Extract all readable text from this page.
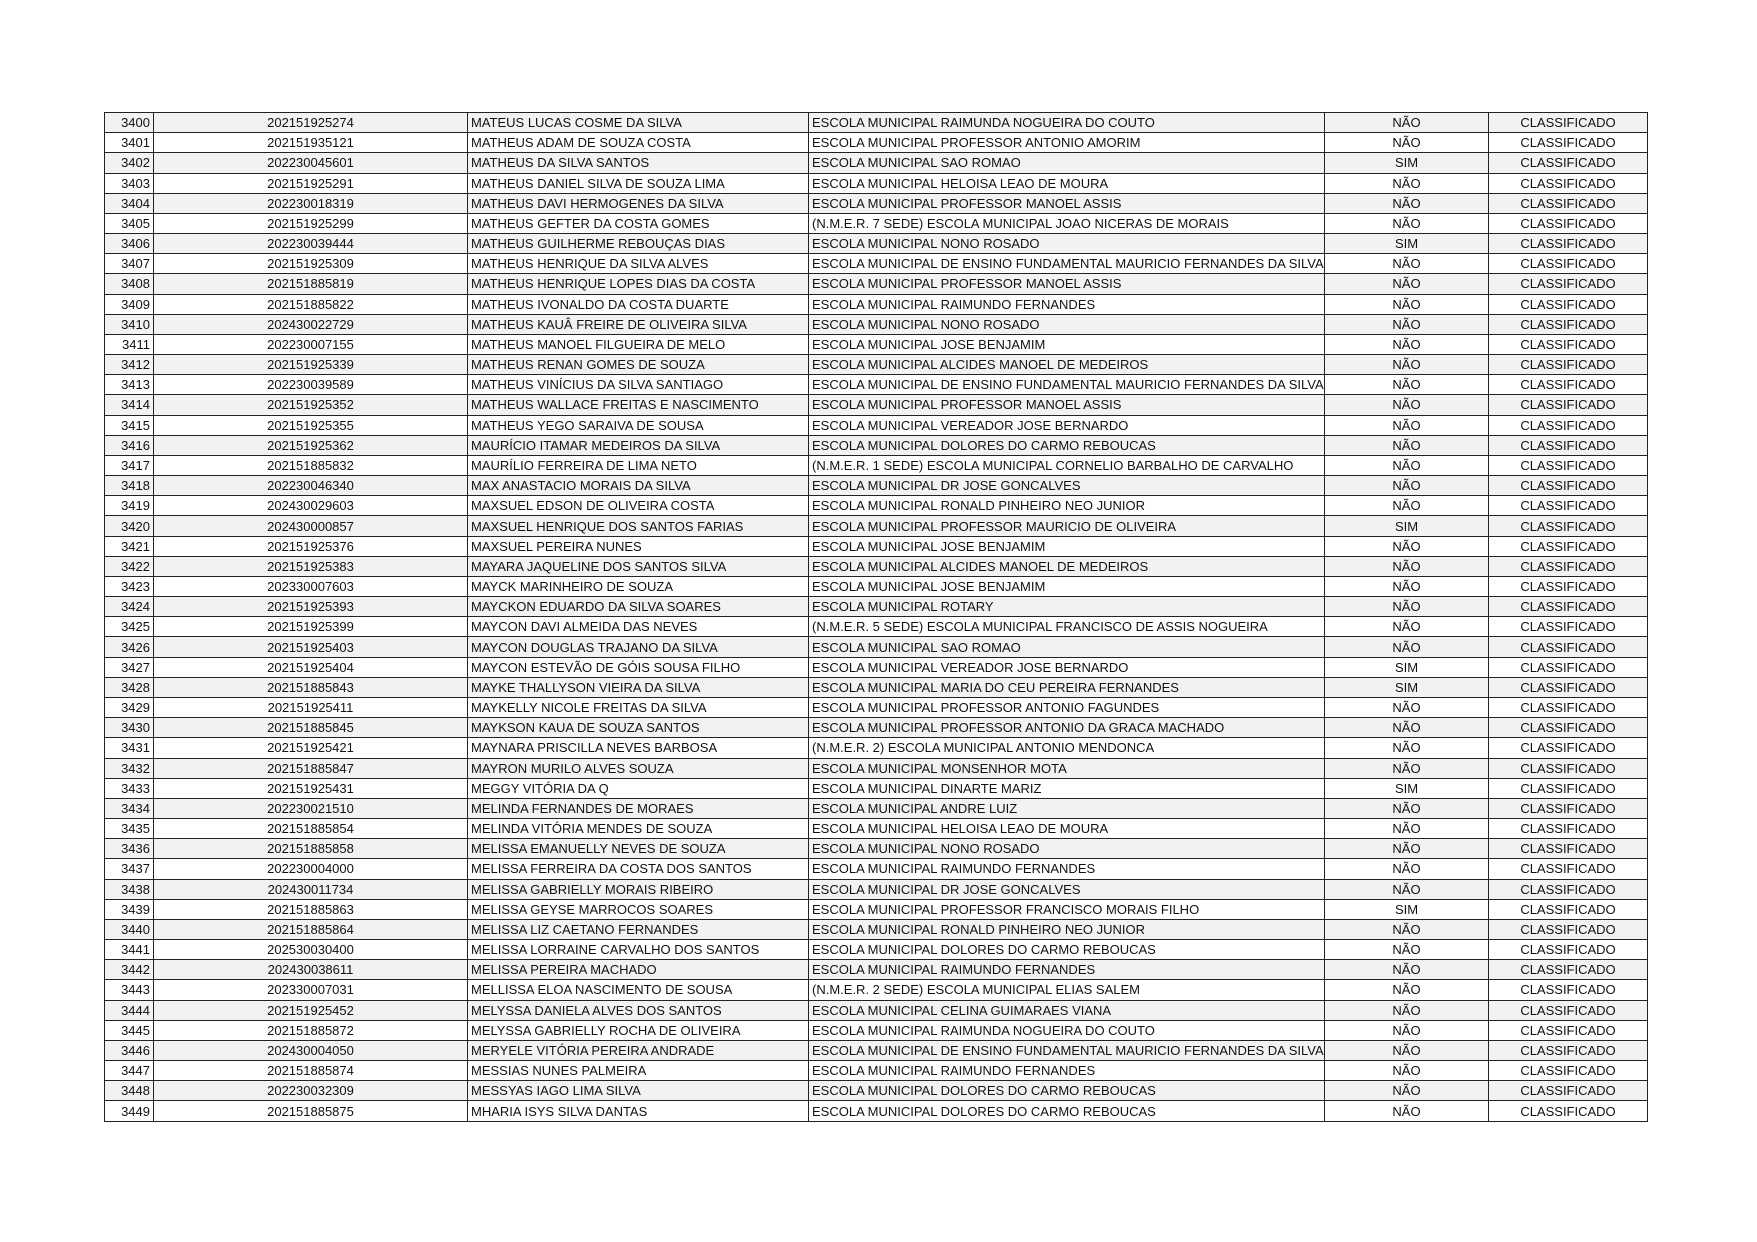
3400	202151925274	MATEUS LUCAS COSME DA SILVA	ESCOLA MUNICIPAL RAIMUNDA NOGUEIRA DO COUTO	NÃO	CLASSIFICADO
3401	202151935121	MATHEUS ADAM DE SOUZA COSTA	ESCOLA MUNICIPAL PROFESSOR ANTONIO AMORIM	NÃO	CLASSIFICADO
3402	202230045601	MATHEUS DA SILVA SANTOS	ESCOLA MUNICIPAL SAO ROMAO	SIM	CLASSIFICADO
3403	202151925291	MATHEUS DANIEL SILVA DE SOUZA LIMA	ESCOLA MUNICIPAL HELOISA LEAO DE MOURA	NÃO	CLASSIFICADO
3404	202230018319	MATHEUS DAVI HERMOGENES DA SILVA	ESCOLA MUNICIPAL PROFESSOR MANOEL ASSIS	NÃO	CLASSIFICADO
3405	202151925299	MATHEUS GEFTER DA COSTA GOMES	(N.M.E.R. 7 SEDE) ESCOLA MUNICIPAL JOAO NICERAS DE MORAIS	NÃO	CLASSIFICADO
3406	202230039444	MATHEUS GUILHERME REBOUÇAS DIAS	ESCOLA MUNICIPAL NONO ROSADO	SIM	CLASSIFICADO
3407	202151925309	MATHEUS HENRIQUE DA SILVA ALVES	ESCOLA MUNICIPAL DE ENSINO FUNDAMENTAL MAURICIO FERNANDES DA SILVA	NÃO	CLASSIFICADO
3408	202151885819	MATHEUS HENRIQUE LOPES DIAS DA COSTA	ESCOLA MUNICIPAL PROFESSOR MANOEL ASSIS	NÃO	CLASSIFICADO
3409	202151885822	MATHEUS IVONALDO DA COSTA DUARTE	ESCOLA MUNICIPAL RAIMUNDO FERNANDES	NÃO	CLASSIFICADO
3410	202430022729	MATHEUS KAUÂ FREIRE DE OLIVEIRA SILVA	ESCOLA MUNICIPAL NONO ROSADO	NÃO	CLASSIFICADO
3411	202230007155	MATHEUS MANOEL FILGUEIRA DE MELO	ESCOLA MUNICIPAL JOSE BENJAMIM	NÃO	CLASSIFICADO
3412	202151925339	MATHEUS RENAN GOMES DE SOUZA	ESCOLA MUNICIPAL ALCIDES MANOEL DE MEDEIROS	NÃO	CLASSIFICADO
3413	202230039589	MATHEUS VINÍCIUS DA SILVA SANTIAGO	ESCOLA MUNICIPAL DE ENSINO FUNDAMENTAL MAURICIO FERNANDES DA SILVA	NÃO	CLASSIFICADO
3414	202151925352	MATHEUS WALLACE FREITAS E NASCIMENTO	ESCOLA MUNICIPAL PROFESSOR MANOEL ASSIS	NÃO	CLASSIFICADO
3415	202151925355	MATHEUS YEGO SARAIVA DE SOUSA	ESCOLA MUNICIPAL VEREADOR JOSE BERNARDO	NÃO	CLASSIFICADO
3416	202151925362	MAURÍCIO ITAMAR MEDEIROS DA SILVA	ESCOLA MUNICIPAL DOLORES DO CARMO REBOUCAS	NÃO	CLASSIFICADO
3417	202151885832	MAURÍLIO FERREIRA DE LIMA NETO	(N.M.E.R. 1 SEDE) ESCOLA MUNICIPAL CORNELIO BARBALHO DE CARVALHO	NÃO	CLASSIFICADO
3418	202230046340	MAX ANASTACIO MORAIS DA SILVA	ESCOLA MUNICIPAL DR JOSE GONCALVES	NÃO	CLASSIFICADO
3419	202430029603	MAXSUEL EDSON DE OLIVEIRA COSTA	ESCOLA MUNICIPAL RONALD PINHEIRO NEO JUNIOR	NÃO	CLASSIFICADO
3420	202430000857	MAXSUEL HENRIQUE DOS SANTOS FARIAS	ESCOLA MUNICIPAL PROFESSOR MAURICIO DE OLIVEIRA	SIM	CLASSIFICADO
3421	202151925376	MAXSUEL PEREIRA NUNES	ESCOLA MUNICIPAL JOSE BENJAMIM	NÃO	CLASSIFICADO
3422	202151925383	MAYARA JAQUELINE DOS SANTOS SILVA	ESCOLA MUNICIPAL ALCIDES MANOEL DE MEDEIROS	NÃO	CLASSIFICADO
3423	202330007603	MAYCK MARINHEIRO DE SOUZA	ESCOLA MUNICIPAL JOSE BENJAMIM	NÃO	CLASSIFICADO
3424	202151925393	MAYCKON EDUARDO DA SILVA SOARES	ESCOLA MUNICIPAL ROTARY	NÃO	CLASSIFICADO
3425	202151925399	MAYCON DAVI ALMEIDA DAS NEVES	(N.M.E.R. 5 SEDE) ESCOLA MUNICIPAL FRANCISCO DE ASSIS NOGUEIRA	NÃO	CLASSIFICADO
3426	202151925403	MAYCON DOUGLAS TRAJANO DA SILVA	ESCOLA MUNICIPAL SAO ROMAO	NÃO	CLASSIFICADO
3427	202151925404	MAYCON ESTEVÃO DE GÓIS SOUSA FILHO	ESCOLA MUNICIPAL VEREADOR JOSE BERNARDO	SIM	CLASSIFICADO
3428	202151885843	MAYKE THALLYSON VIEIRA DA SILVA	ESCOLA MUNICIPAL MARIA DO CEU PEREIRA FERNANDES	SIM	CLASSIFICADO
3429	202151925411	MAYKELLY NICOLE FREITAS DA SILVA	ESCOLA MUNICIPAL PROFESSOR ANTONIO FAGUNDES	NÃO	CLASSIFICADO
3430	202151885845	MAYKSON KAUA DE SOUZA SANTOS	ESCOLA MUNICIPAL PROFESSOR ANTONIO DA GRACA MACHADO	NÃO	CLASSIFICADO
3431	202151925421	MAYNARA PRISCILLA NEVES BARBOSA	(N.M.E.R. 2) ESCOLA MUNICIPAL ANTONIO MENDONCA	NÃO	CLASSIFICADO
3432	202151885847	MAYRON MURILO ALVES SOUZA	ESCOLA MUNICIPAL MONSENHOR MOTA	NÃO	CLASSIFICADO
3433	202151925431	MEGGY VITÓRIA DA Q	ESCOLA MUNICIPAL DINARTE MARIZ	SIM	CLASSIFICADO
3434	202230021510	MELINDA FERNANDES DE MORAES	ESCOLA MUNICIPAL ANDRE LUIZ	NÃO	CLASSIFICADO
3435	202151885854	MELINDA VITÓRIA MENDES DE SOUZA	ESCOLA MUNICIPAL HELOISA LEAO DE MOURA	NÃO	CLASSIFICADO
3436	202151885858	MELISSA EMANUELLY NEVES DE SOUZA	ESCOLA MUNICIPAL NONO ROSADO	NÃO	CLASSIFICADO
3437	202230004000	MELISSA FERREIRA DA COSTA DOS SANTOS	ESCOLA MUNICIPAL RAIMUNDO FERNANDES	NÃO	CLASSIFICADO
3438	202430011734	MELISSA GABRIELLY MORAIS RIBEIRO	ESCOLA MUNICIPAL DR JOSE GONCALVES	NÃO	CLASSIFICADO
3439	202151885863	MELISSA GEYSE MARROCOS SOARES	ESCOLA MUNICIPAL PROFESSOR FRANCISCO MORAIS FILHO	SIM	CLASSIFICADO
3440	202151885864	MELISSA LIZ CAETANO FERNANDES	ESCOLA MUNICIPAL RONALD PINHEIRO NEO JUNIOR	NÃO	CLASSIFICADO
3441	202530030400	MELISSA LORRAINE CARVALHO DOS SANTOS	ESCOLA MUNICIPAL DOLORES DO CARMO REBOUCAS	NÃO	CLASSIFICADO
3442	202430038611	MELISSA PEREIRA MACHADO	ESCOLA MUNICIPAL RAIMUNDO FERNANDES	NÃO	CLASSIFICADO
3443	202330007031	MELLISSA ELOA NASCIMENTO DE SOUSA	(N.M.E.R. 2 SEDE) ESCOLA MUNICIPAL ELIAS SALEM	NÃO	CLASSIFICADO
3444	202151925452	MELYSSA DANIELA ALVES DOS SANTOS	ESCOLA MUNICIPAL CELINA GUIMARAES VIANA	NÃO	CLASSIFICADO
3445	202151885872	MELYSSA GABRIELLY ROCHA DE OLIVEIRA	ESCOLA MUNICIPAL RAIMUNDA NOGUEIRA DO COUTO	NÃO	CLASSIFICADO
3446	202430004050	MERYELE VITÓRIA PEREIRA ANDRADE	ESCOLA MUNICIPAL DE ENSINO FUNDAMENTAL MAURICIO FERNANDES DA SILVA	NÃO	CLASSIFICADO
3447	202151885874	MESSIAS NUNES PALMEIRA	ESCOLA MUNICIPAL RAIMUNDO FERNANDES	NÃO	CLASSIFICADO
3448	202230032309	MESSYAS IAGO LIMA SILVA	ESCOLA MUNICIPAL DOLORES DO CARMO REBOUCAS	NÃO	CLASSIFICADO
3449	202151885875	MHARIA ISYS SILVA DANTAS	ESCOLA MUNICIPAL DOLORES DO CARMO REBOUCAS	NÃO	CLASSIFICADO
